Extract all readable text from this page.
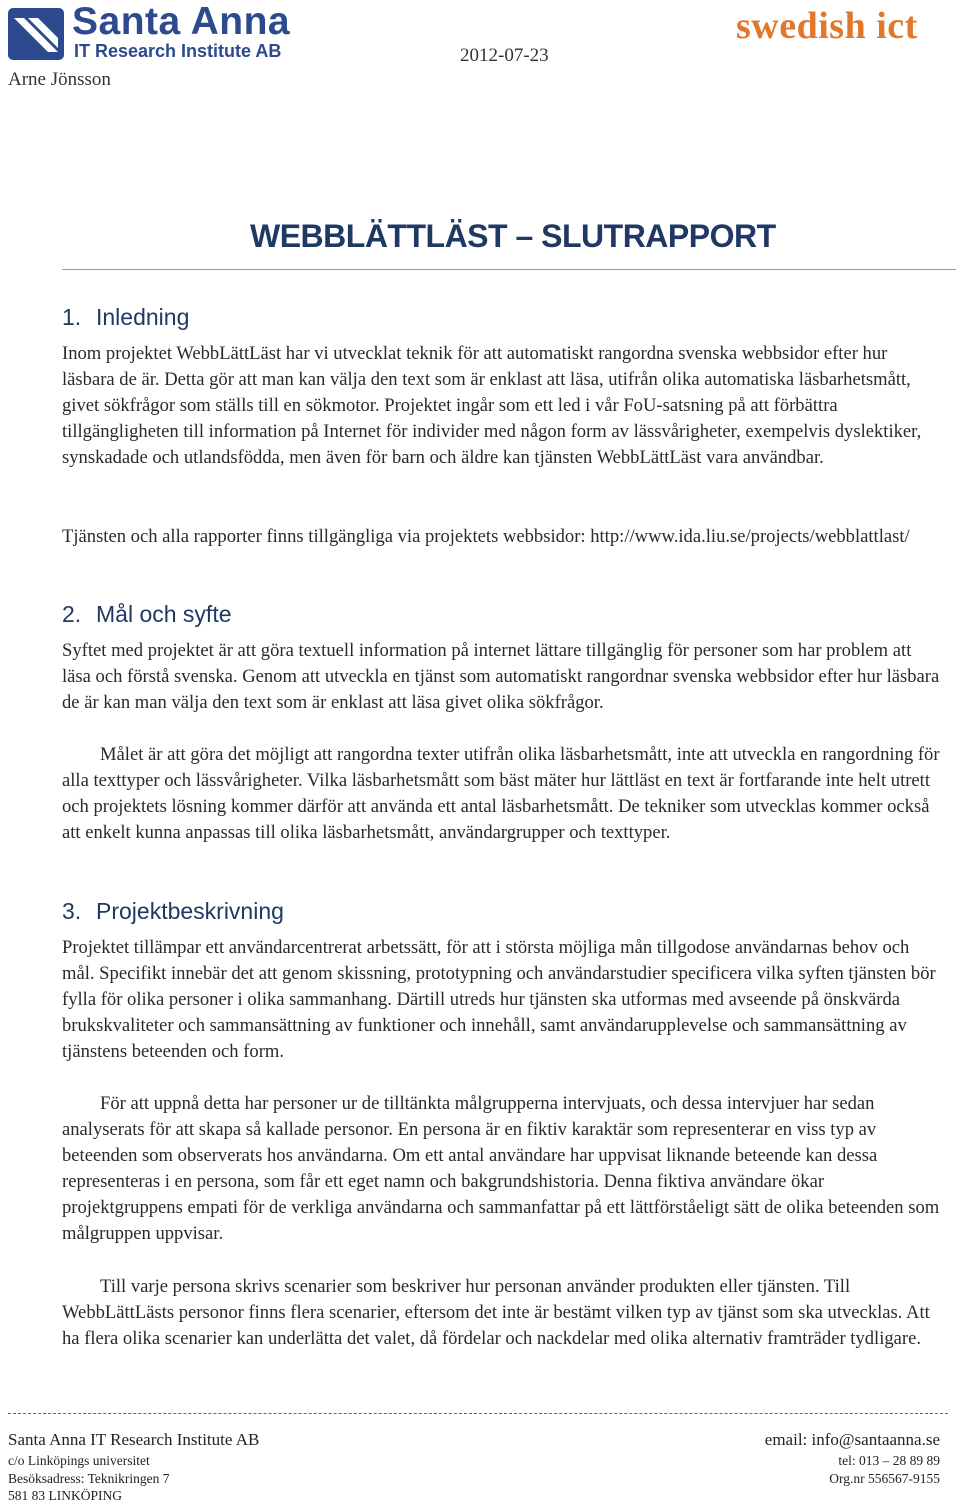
Santa Anna
IT Research Institute AB
Arne Jönsson
2012-07-23
swedish ict
WEBBLÄTTLÄST – SLUTRAPPORT
1. Inledning
Inom projektet WebbLättLäst har vi utvecklat teknik för att automatiskt rangordna svenska webbsidor efter hur läsbara de är. Detta gör att man kan välja den text som är enklast att läsa, utifrån olika automatiska läsbarhetsmått, givet sökfrågor som ställs till en sökmotor. Projektet ingår som ett led i vår FoU-satsning på att förbättra tillgängligheten till information på Internet för individer med någon form av lässvårigheter, exempelvis dyslektiker, synskadade och utlandsfödda, men även för barn och äldre kan tjänsten WebbLättLäst vara användbar.
Tjänsten och alla rapporter finns tillgängliga via projektets webbsidor: http://www.ida.liu.se/projects/webblattlast/
2. Mål och syfte
Syftet med projektet är att göra textuell information på internet lättare tillgänglig för personer som har problem att läsa och förstå svenska. Genom att utveckla en tjänst som automatiskt rangordnar svenska webbsidor efter hur läsbara de är kan man välja den text som är enklast att läsa givet olika sökfrågor.
Målet är att göra det möjligt att rangordna texter utifrån olika läsbarhetsmått, inte att utveckla en rangordning för alla texttyper och lässvårigheter. Vilka läsbarhetsmått som bäst mäter hur lättläst en text är fortfarande inte helt utrett och projektets lösning kommer därför att använda ett antal läsbarhetsmått. De tekniker som utvecklas kommer också att enkelt kunna anpassas till olika läsbarhetsmått, användargrupper och texttyper.
3. Projektbeskrivning
Projektet tillämpar ett användarcentrerat arbetssätt, för att i största möjliga mån tillgodose användarnas behov och mål. Specifikt innebär det att genom skissning, prototypning och användarstudier specificera vilka syften tjänsten bör fylla för olika personer i olika sammanhang. Därtill utreds hur tjänsten ska utformas med avseende på önskvärda brukskvaliteter och sammansättning av funktioner och innehåll, samt användarupplevelse och sammansättning av tjänstens beteenden och form.
För att uppnå detta har personer ur de tilltänkta målgrupperna intervjuats, och dessa intervjuer har sedan analyserats för att skapa så kallade personor. En persona är en fiktiv karaktär som representerar en viss typ av beteenden som observerats hos användarna. Om ett antal användare har uppvisat liknande beteende kan dessa representeras i en persona, som får ett eget namn och bakgrundshistoria. Denna fiktiva användare ökar projektgruppens empati för de verkliga användarna och sammanfattar på ett lättförståeligt sätt de olika beteenden som målgruppen uppvisar.
Till varje persona skrivs scenarier som beskriver hur personan använder produkten eller tjänsten. Till WebbLättLästs personor finns flera scenarier, eftersom det inte är bestämt vilken typ av tjänst som ska utvecklas. Att ha flera olika scenarier kan underlätta det valet, då fördelar och nackdelar med olika alternativ framträder tydligare.
Santa Anna IT Research Institute AB
c/o Linköpings universitet
Besöksadress: Teknikringen 7
581 83 LINKÖPING
email: info@santaanna.se
tel: 013 – 28 89 89
Org.nr 556567-9155
